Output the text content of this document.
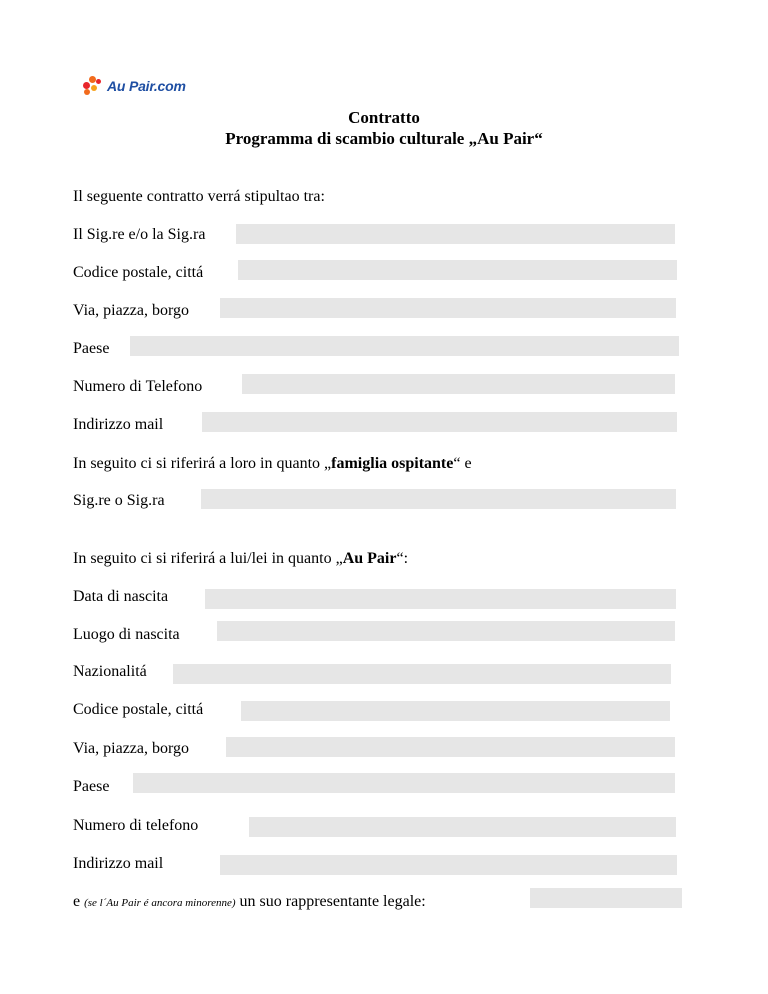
Au Pair.com
Contratto
Programma di scambio culturale „Au Pair“
Il seguente contratto verrá stipultao tra:
Il Sig.re e/o la Sig.ra
Codice postale, cittá
Via, piazza, borgo
Paese
Numero di Telefono
Indirizzo mail
In seguito ci si riferirá a loro in quanto „famiglia ospitante“ e
Sig.re o Sig.ra
In seguito ci si riferirá a lui/lei in quanto „Au Pair“:
Data di nascita
Luogo di nascita
Nazionalitá
Codice postale, cittá
Via, piazza, borgo
Paese
Numero di telefono
Indirizzo mail
e (se l´Au Pair é ancora minorenne) un suo rappresentante legale:
